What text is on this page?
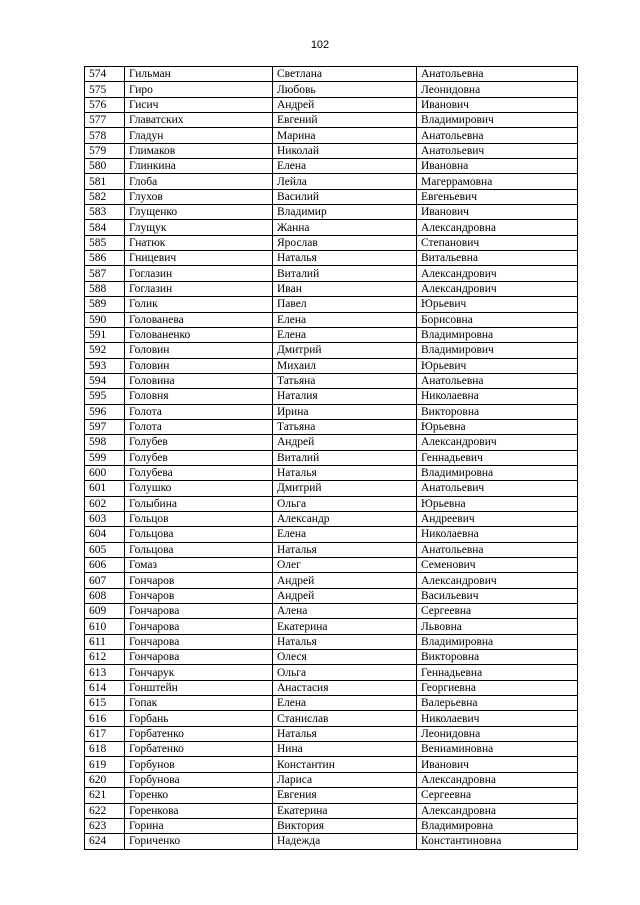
102
574	Гильман	Светлана	Анатольевна
575	Гиро	Любовь	Леонидовна
576	Гисич	Андрей	Иванович
577	Главатских	Евгений	Владимирович
578	Гладун	Марина	Анатольевна
579	Глимаков	Николай	Анатольевич
580	Глинкина	Елена	Ивановна
581	Глоба	Лейла	Магеррамовна
582	Глухов	Василий	Евгеньевич
583	Глущенко	Владимир	Иванович
584	Глущук	Жанна	Александровна
585	Гнатюк	Ярослав	Степанович
586	Гницевич	Наталья	Витальевна
587	Гоглазин	Виталий	Александрович
588	Гоглазин	Иван	Александрович
589	Голик	Павел	Юрьевич
590	Голованева	Елена	Борисовна
591	Голованенко	Елена	Владимировна
592	Головин	Дмитрий	Владимирович
593	Головин	Михаил	Юрьевич
594	Головина	Татьяна	Анатольевна
595	Головня	Наталия	Николаевна
596	Голота	Ирина	Викторовна
597	Голота	Татьяна	Юрьевна
598	Голубев	Андрей	Александрович
599	Голубев	Виталий	Геннадьевич
600	Голубева	Наталья	Владимировна
601	Голушко	Дмитрий	Анатольевич
602	Голыбина	Ольга	Юрьевна
603	Гольцов	Александр	Андреевич
604	Гольцова	Елена	Николаевна
605	Гольцова	Наталья	Анатольевна
606	Гомаз	Олег	Семенович
607	Гончаров	Андрей	Александрович
608	Гончаров	Андрей	Васильевич
609	Гончарова	Алена	Сергеевна
610	Гончарова	Екатерина	Львовна
611	Гончарова	Наталья	Владимировна
612	Гончарова	Олеся	Викторовна
613	Гончарук	Ольга	Геннадьевна
614	Гонштейн	Анастасия	Георгиевна
615	Гопак	Елена	Валерьевна
616	Горбань	Станислав	Николаевич
617	Горбатенко	Наталья	Леонидовна
618	Горбатенко	Нина	Вениаминовна
619	Горбунов	Константин	Иванович
620	Горбунова	Лариса	Александровна
621	Горенко	Евгения	Сергеевна
622	Горенкова	Екатерина	Александровна
623	Горина	Виктория	Владимировна
624	Гориченко	Надежда	Константиновна
